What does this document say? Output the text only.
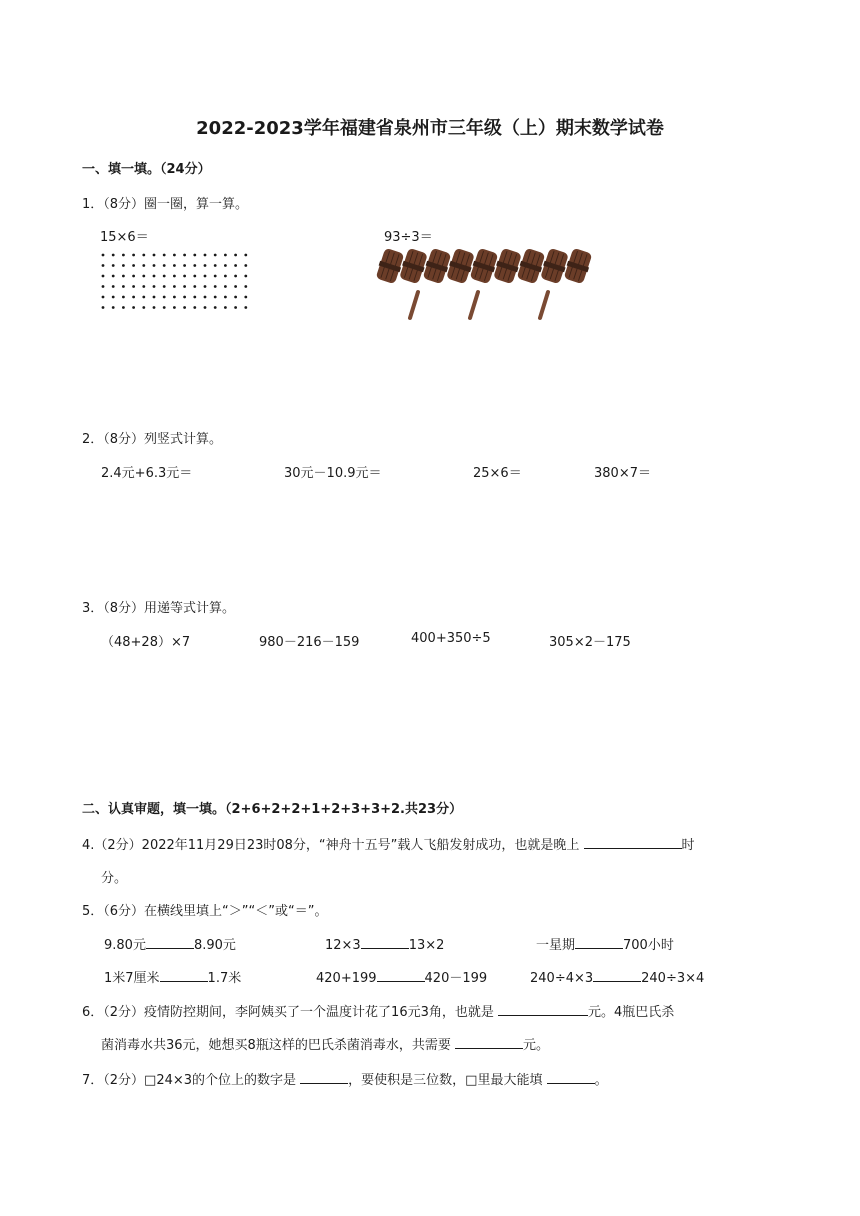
2022-2023学年福建省泉州市三年级（上）期末数学试卷
一、填一填。（24分）
1．（8分）圈一圈，算一算。
15×6＝	93÷3＝
2．（8分）列竖式计算。
2.4元+6.3元＝	30元－10.9元＝	25×6＝	380×7＝
3．（8分）用递等式计算。
（48+28）×7	980－216－159	400+350÷5	305×2－175
二、认真审题，填一填。（2+6+2+2+1+2+3+3+2.共23分）
4.（2分）2022年11月29日23时08分，“神舟十五号”载人飞船发射成功，也就是晚上	时
分。
5．（6分）在横线里填上“＞”“＜”或“＝”。
9.80元	8.90元	12×3	13×2	一星期	700小时
1米7厘米	1.7米	420+199	420－199	240÷4×3	240÷3×4
6．（2分）疫情防控期间，李阿姨买了一个温度计花了16元3角，也就是	元。4瓶巴氏杀
菌消毒水共36元，她想买8瓶这样的巴氏杀菌消毒水，共需要	元。
7．（2分）□24×3的个位上的数字是	，要使积是三位数，□里最大能填	。
